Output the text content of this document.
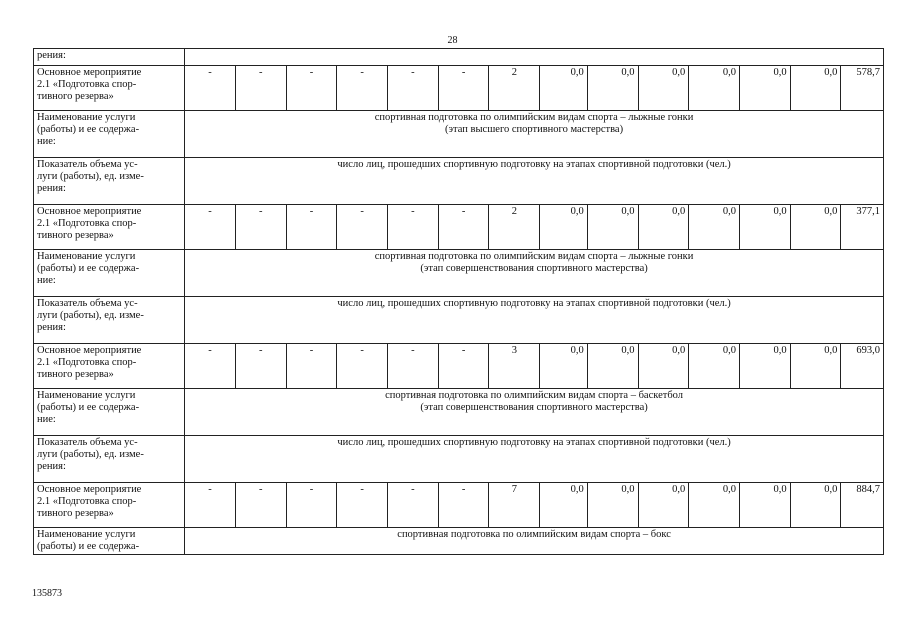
28
рения:														

Основное мероприятие
2.1 «Подготовка спор-
тивного резерва»	-	-	-	-	-	-	2	0,0	0,0	0,0	0,0	0,0	0,0	578,7

Наименование услуги
(работы) и ее содержа-
ние:	спортивная подготовка по олимпийским видам спорта – лыжные гонки
(этап высшего спортивного мастерства)													

Показатель объема ус-
луги (работы), ед. изме-
рения:	число лиц, прошедших спортивную подготовку на этапах спортивной подготовки (чел.)													

Основное мероприятие
2.1 «Подготовка спор-
тивного резерва»	-	-	-	-	-	-	2	0,0	0,0	0,0	0,0	0,0	0,0	377,1

Наименование услуги
(работы) и ее содержа-
ние:	спортивная подготовка по олимпийским видам спорта – лыжные гонки
(этап совершенствования спортивного мастерства)													

Показатель объема ус-
луги (работы), ед. изме-
рения:	число лиц, прошедших спортивную подготовку на этапах спортивной подготовки (чел.)													

Основное мероприятие
2.1 «Подготовка спор-
тивного резерва»	-	-	-	-	-	-	3	0,0	0,0	0,0	0,0	0,0	0,0	693,0

Наименование услуги
(работы) и ее содержа-
ние:	спортивная подготовка по олимпийским видам спорта – баскетбол
(этап совершенствования спортивного мастерства)													

Показатель объема ус-
луги (работы), ед. изме-
рения:	число лиц, прошедших спортивную подготовку на этапах спортивной подготовки (чел.)													

Основное мероприятие
2.1 «Подготовка спор-
тивного резерва»	-	-	-	-	-	-	7	0,0	0,0	0,0	0,0	0,0	0,0	884,7

Наименование услуги
(работы) и ее содержа-	спортивная подготовка по олимпийским видам спорта – бокс													
135873
